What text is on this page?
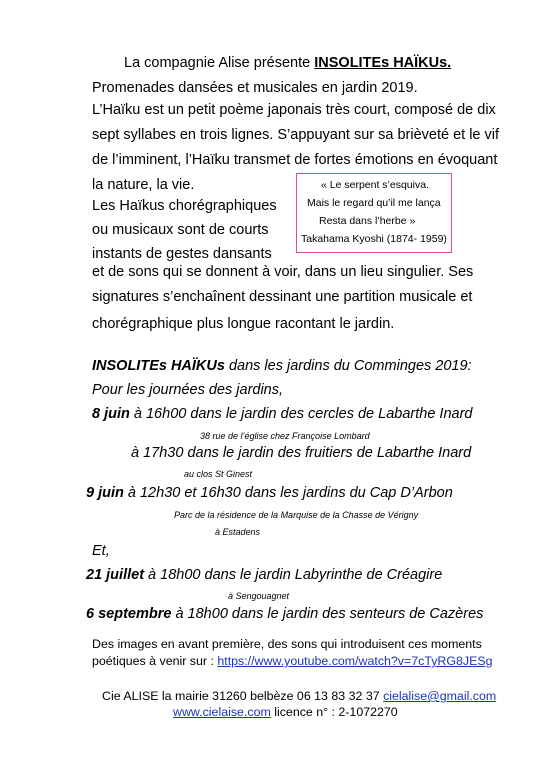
La compagnie Alise présente INSOLITEs HAÏKUs.
Promenades dansées et musicales en jardin 2019.
L’Haïku est un petit poème japonais très court, composé de dix
sept syllabes en trois lignes. S’appuyant sur sa brièveté et le vif
de l’imminent, l’Haïku transmet de fortes émotions en évoquant
la nature, la vie.
Les Haïkus chorégraphiques
ou musicaux sont de courts
instants de gestes dansants
et de sons qui se donnent à voir, dans un lieu singulier. Ses
signatures s’enchaînent dessinant une partition musicale et
chorégraphique plus longue racontant le jardin.
« Le serpent s’esquiva.
Mais le regard qu’il me lança
Resta dans l’herbe »
Takahama Kyoshi (1874- 1959)
INSOLITEs HAÏKUs dans les jardins du Comminges 2019:
Pour les journées des jardins,
8 juin à 16h00 dans le jardin des cercles de Labarthe Inard
38 rue de l’église chez Françoise Lombard
à 17h30 dans le jardin des fruitiers de Labarthe Inard
au clos St Ginest
9 juin à 12h30 et 16h30 dans les jardins du Cap D’Arbon
Parc de la résidence de la Marquise de la Chasse de Vérigny
à Estadens
Et,
21 juillet à 18h00 dans le jardin Labyrinthe de Créagire
à Sengouagnet
6 septembre à 18h00 dans le jardin des senteurs de Cazères
Des images en avant première, des sons qui introduisent ces moments
poétiques à venir sur : https://www.youtube.com/watch?v=7cTyRG8JESg
Cie ALISE la mairie 31260 belbèze 06 13 83 32 37 cielalise@gmail.com
www.cielaise.com licence n° : 2-1072270
